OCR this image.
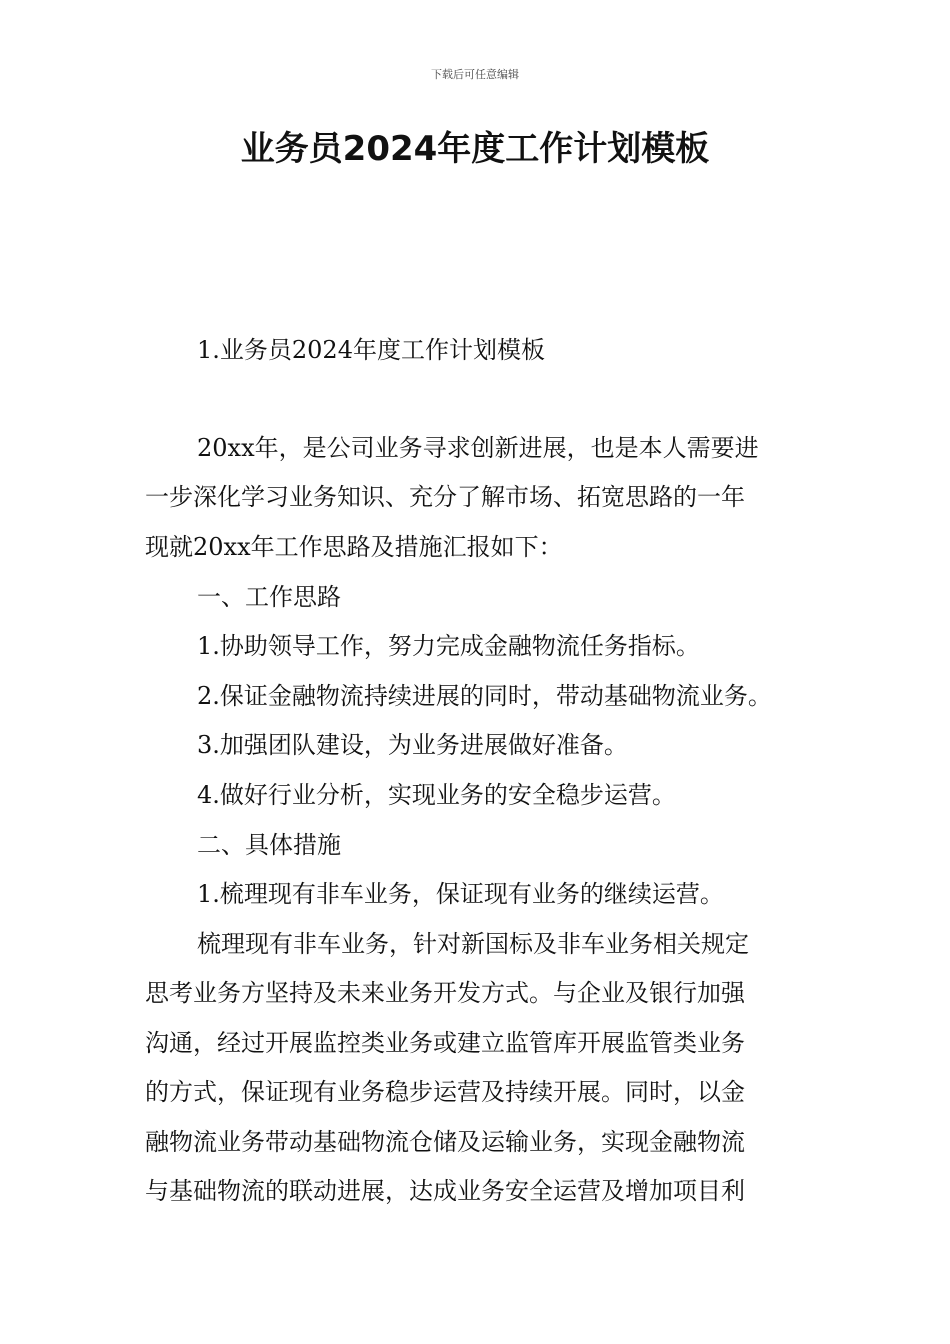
下载后可任意编辑
业务员2024年度工作计划模板

1.业务员2024年度工作计划模板

20xx年，是公司业务寻求创新进展，也是本人需要进

一步深化学习业务知识、充分了解市场、拓宽思路的一年

现就20xx年工作思路及措施汇报如下：

一、工作思路

1.协助领导工作，努力完成金融物流任务指标。

2.保证金融物流持续进展的同时，带动基础物流业务。

3.加强团队建设，为业务进展做好准备。

4.做好行业分析，实现业务的安全稳步运营。

二、具体措施

1.梳理现有非车业务，保证现有业务的继续运营。

梳理现有非车业务，针对新国标及非车业务相关规定

思考业务方坚持及未来业务开发方式。与企业及银行加强

沟通，经过开展监控类业务或建立监管库开展监管类业务

的方式，保证现有业务稳步运营及持续开展。同时，以金

融物流业务带动基础物流仓储及运输业务，实现金融物流

与基础物流的联动进展，达成业务安全运营及增加项目利
